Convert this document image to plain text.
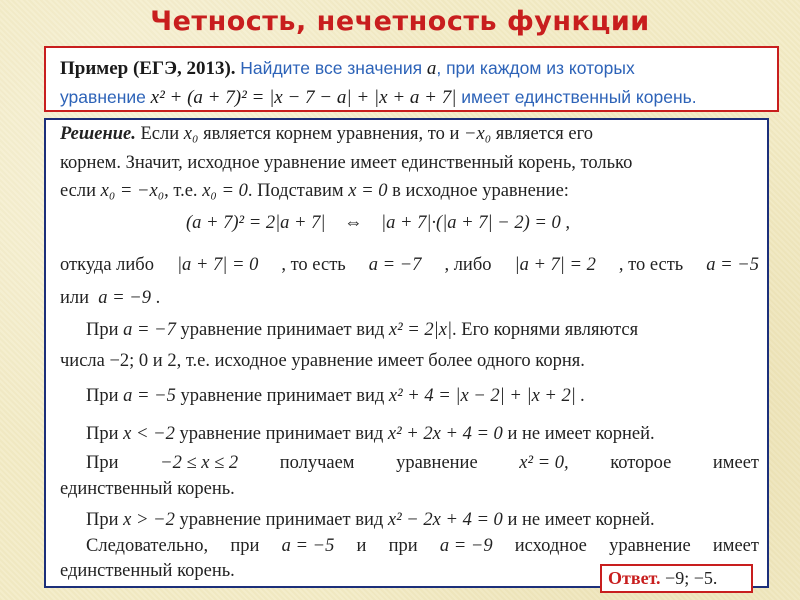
Четность, нечетность функции
Пример (ЕГЭ, 2013). Найдите все значения a, при каждом из которых
уравнение x² + (a + 7)² = |x − 7 − a| + |x + a + 7| имеет единственный корень.
Решение. Если x₀ является корнем уравнения, то и −x₀ является его
корнем. Значит, исходное уравнение имеет единственный корень, только
если x₀ = −x₀, т.е. x₀ = 0. Подставим x = 0 в исходное уравнение:
(a + 7)² = 2|a + 7| ⇔ |a + 7|·(|a + 7| − 2) = 0 ,
откуда либо |a + 7| = 0 , то есть a = −7 , либо |a + 7| = 2 , то есть a = −5
или a = −9 .
При a = −7 уравнение принимает вид x² = 2|x|. Его корнями являются
числа −2; 0 и 2, т.е. исходное уравнение имеет более одного корня.
При a = −5 уравнение принимает вид x² + 4 = |x − 2| + |x + 2| .
При x < −2 уравнение принимает вид x² + 2x + 4 = 0 и не имеет корней.
При −2 ≤ x ≤ 2 получаем уравнение x² = 0, которое имеет
единственный корень.
При x > −2 уравнение принимает вид x² − 2x + 4 = 0 и не имеет корней.
Следовательно, при a = −5 и при a = −9 исходное уравнение имеет
единственный корень.	Ответ. −9; −5.
